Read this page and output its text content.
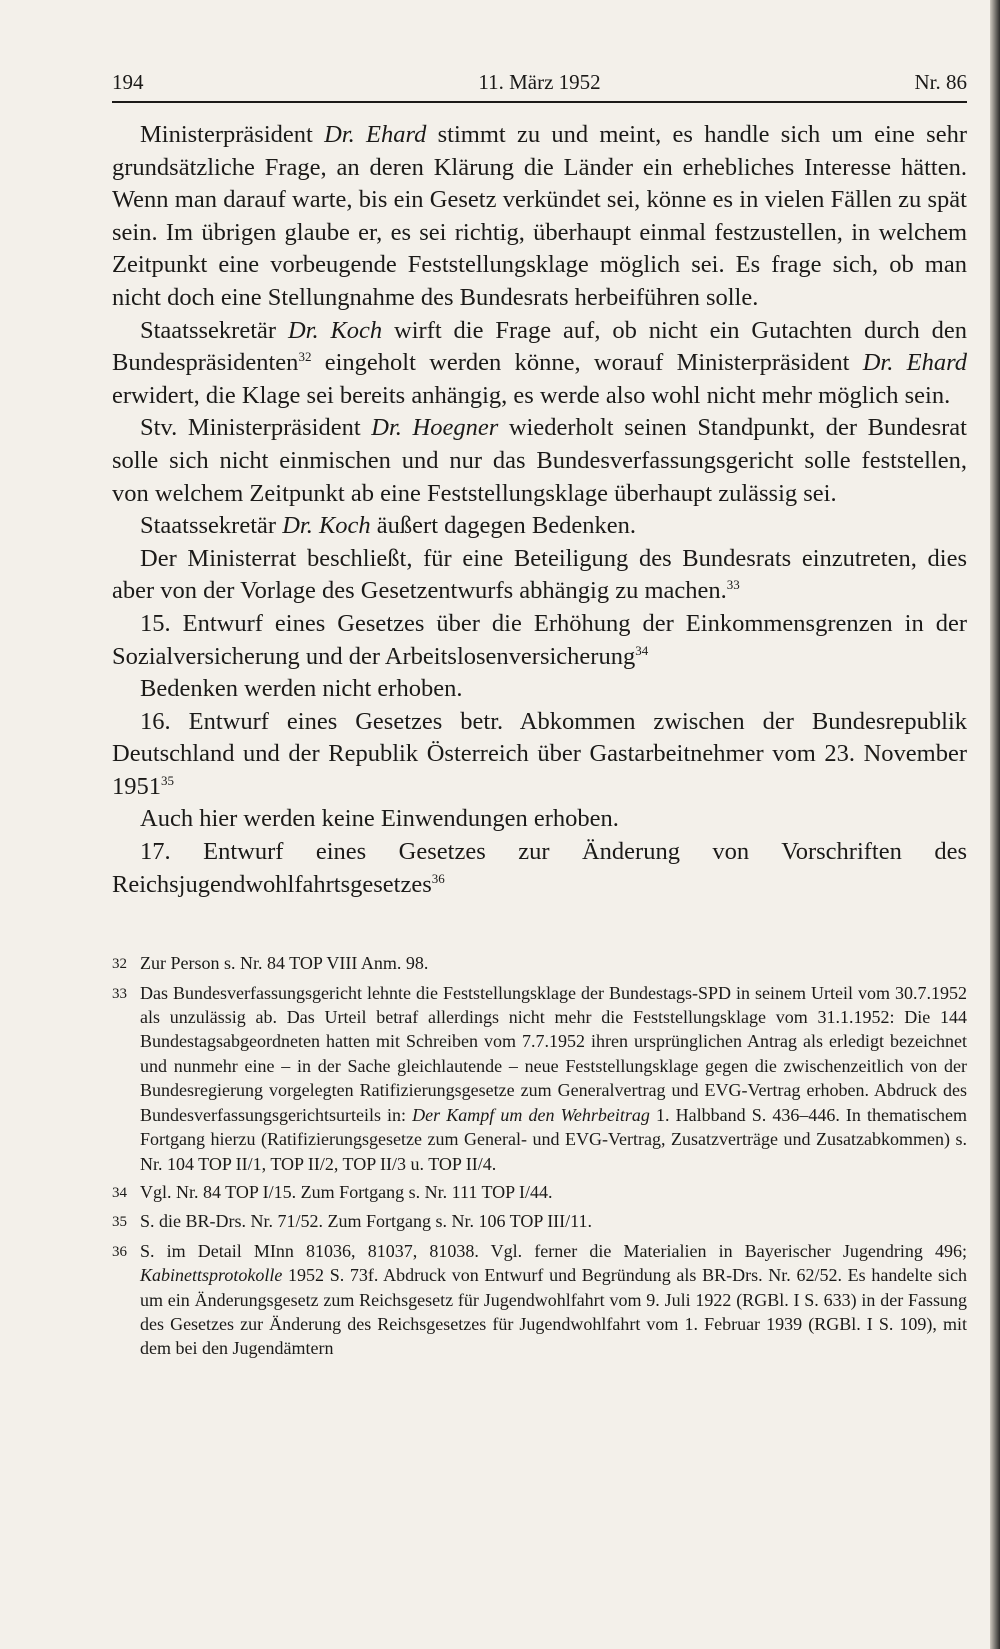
194	11. März 1952	Nr. 86

Ministerpräsident Dr. Ehard stimmt zu und meint, es handle sich um eine sehr grundsätzliche Frage, an deren Klärung die Länder ein erhebliches Interesse hätten. Wenn man darauf warte, bis ein Gesetz verkündet sei, könne es in vielen Fällen zu spät sein. Im übrigen glaube er, es sei richtig, überhaupt einmal festzustellen, in welchem Zeitpunkt eine vorbeugende Feststellungsklage möglich sei. Es frage sich, ob man nicht doch eine Stellungnahme des Bundesrats herbeiführen solle.

Staatssekretär Dr. Koch wirft die Frage auf, ob nicht ein Gutachten durch den Bundespräsidenten$^{32}$ eingeholt werden könne, worauf Ministerpräsident Dr. Ehard erwidert, die Klage sei bereits anhängig, es werde also wohl nicht mehr möglich sein.

Stv. Ministerpräsident Dr. Hoegner wiederholt seinen Standpunkt, der Bundesrat solle sich nicht einmischen und nur das Bundesverfassungsgericht solle feststellen, von welchem Zeitpunkt ab eine Feststellungsklage überhaupt zulässig sei.

Staatssekretär Dr. Koch äußert dagegen Bedenken.

Der Ministerrat beschließt, für eine Beteiligung des Bundesrats einzutreten, dies aber von der Vorlage des Gesetzentwurfs abhängig zu machen.$^{33}$

15. Entwurf eines Gesetzes über die Erhöhung der Einkommensgrenzen in der Sozialversicherung und der Arbeitslosenversicherung$^{34}$

Bedenken werden nicht erhoben.

16. Entwurf eines Gesetzes betr. Abkommen zwischen der Bundesrepublik Deutschland und der Republik Österreich über Gastarbeitnehmer vom 23. November 1951$^{35}$

Auch hier werden keine Einwendungen erhoben.

17. Entwurf eines Gesetzes zur Änderung von Vorschriften des Reichsjugendwohlfahrtsgesetzes$^{36}$

32 Zur Person s. Nr. 84 TOP VIII Anm. 98.
33 Das Bundesverfassungsgericht lehnte die Feststellungsklage der Bundestags-SPD in seinem Urteil vom 30.7.1952 als unzulässig ab. Das Urteil betraf allerdings nicht mehr die Feststellungsklage vom 31.1.1952: Die 144 Bundestagsabgeordneten hatten mit Schreiben vom 7.7.1952 ihren ursprünglichen Antrag als erledigt bezeichnet und nunmehr eine – in der Sache gleichlautende – neue Feststellungsklage gegen die zwischenzeitlich von der Bundesregierung vorgelegten Ratifizierungsgesetze zum Generalvertrag und EVG-Vertrag erhoben. Abdruck des Bundesverfassungsgerichtsurteils in: Der Kampf um den Wehrbeitrag 1. Halbband S. 436–446. In thematischem Fortgang hierzu (Ratifizierungsgesetze zum General- und EVG-Vertrag, Zusatzverträge und Zusatzabkommen) s. Nr. 104 TOP II/1, TOP II/2, TOP II/3 u. TOP II/4.
34 Vgl. Nr. 84 TOP I/15. Zum Fortgang s. Nr. 111 TOP I/44.
35 S. die BR-Drs. Nr. 71/52. Zum Fortgang s. Nr. 106 TOP III/11.
36 S. im Detail MInn 81036, 81037, 81038. Vgl. ferner die Materialien in Bayerischer Jugendring 496; Kabinettsprotokolle 1952 S. 73f. Abdruck von Entwurf und Begründung als BR-Drs. Nr. 62/52. Es handelte sich um ein Änderungsgesetz zum Reichsgesetz für Jugendwohlfahrt vom 9. Juli 1922 (RGBl. I S. 633) in der Fassung des Gesetzes zur Änderung des Reichsgesetzes für Jugendwohlfahrt vom 1. Februar 1939 (RGBl. I S. 109), mit dem bei den Jugendämtern
